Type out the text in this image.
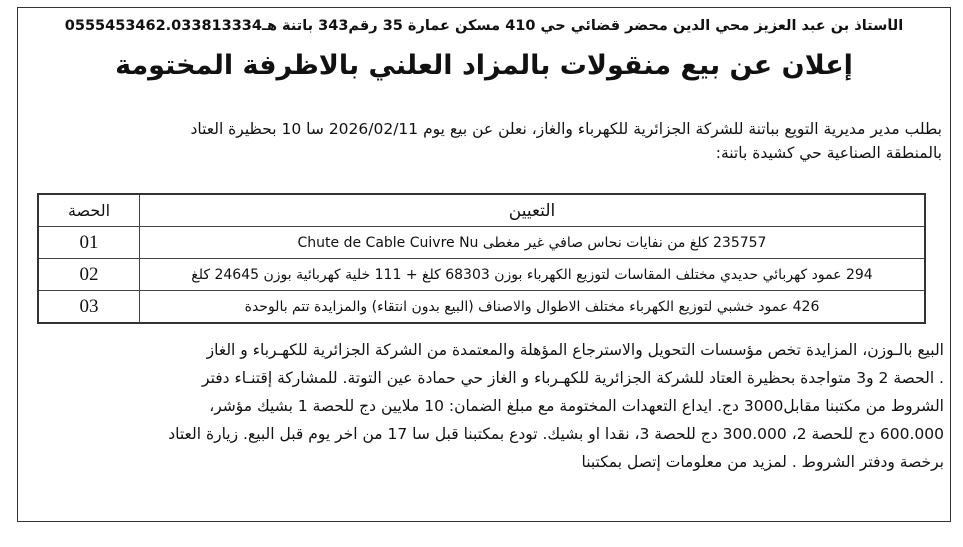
الأستاذ بن عبد العزيز محي الدين محضر قضائي حي 410 مسكن عمارة 35 رقم343 باتنة هـ0555453462.033813334
إعلان عن بيع منقولات بالمزاد العلني بالاظرفة المختومة
بطلب مدير مديرية التويع بباتنة للشركة الجزائرية للكهرباء والغاز، نعلن عن بيع يوم 2026/02/11 سا 10 بحظيرة العتاد
بالمنطقة الصناعية حي كشيدة باتنة:
التعيين	الحصة
235757 كلغ من نفايات نحاس صافي غير مغطى Chute de Cable Cuivre Nu	01
294 عمود كهربائي حديدي مختلف المقاسات لتوزيع الكهرباء بوزن 68303 كلغ + 111 خلية كهربائية بوزن 24645 كلغ	02
426 عمود خشبي لتوزيع الكهرباء مختلف الاطوال والاصناف (البيع بدون انتقاء) والمزايدة تتم بالوحدة	03
البيع بالـوزن، المزايدة تخص مؤسسات التحويل والاسترجاع المؤهلة والمعتمدة من الشركة الجزائرية للكهـرباء و الغاز
. الحصة 2 و3 متواجدة بحظيرة العتاد للشركة الجزائرية للكهـرباء و الغاز حي حمادة عين التوتة. للمشاركة إقتنـاء دفتر
الشروط من مكتبنا مقابل3000 دج. ايداع التعهدات المختومة مع مبلغ الضمان: 10 ملايين دج للحصة 1 بشيك مؤشر،
600.000 دج للحصة 2، 300.000 دج للحصة 3، نقدا او بشيك. تودع بمكتبنا قبل سا 17 من اخر يوم قبل البيع. زيارة العتاد
برخصة ودفتر الشروط . لمزيد من معلومات إتصل بمكتبنا
